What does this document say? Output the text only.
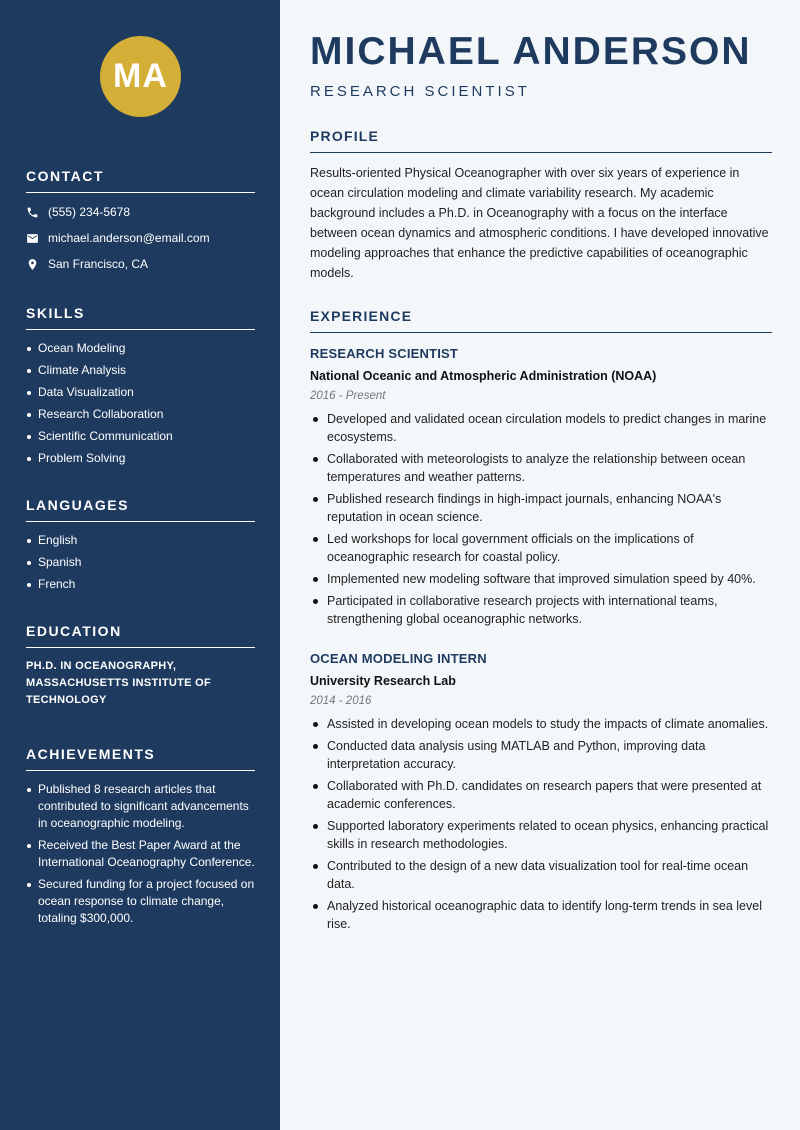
MA
CONTACT
(555) 234-5678
michael.anderson@email.com
San Francisco, CA
SKILLS
Ocean Modeling
Climate Analysis
Data Visualization
Research Collaboration
Scientific Communication
Problem Solving
LANGUAGES
English
Spanish
French
EDUCATION
PH.D. IN OCEANOGRAPHY, MASSACHUSETTS INSTITUTE OF TECHNOLOGY
ACHIEVEMENTS
Published 8 research articles that contributed to significant advancements in oceanographic modeling.
Received the Best Paper Award at the International Oceanography Conference.
Secured funding for a project focused on ocean response to climate change, totaling $300,000.
MICHAEL ANDERSON
RESEARCH SCIENTIST
PROFILE

Results-oriented Physical Oceanographer with over six years of experience in ocean circulation modeling and climate variability research. My academic background includes a Ph.D. in Oceanography with a focus on the interface between ocean dynamics and atmospheric conditions. I have developed innovative modeling approaches that enhance the predictive capabilities of oceanographic models.

EXPERIENCE
RESEARCH SCIENTIST
National Oceanic and Atmospheric Administration (NOAA)
2016 - Present
Developed and validated ocean circulation models to predict changes in marine ecosystems.
Collaborated with meteorologists to analyze the relationship between ocean temperatures and weather patterns.
Published research findings in high-impact journals, enhancing NOAA's reputation in ocean science.
Led workshops for local government officials on the implications of oceanographic research for coastal policy.
Implemented new modeling software that improved simulation speed by 40%.
Participated in collaborative research projects with international teams, strengthening global oceanographic networks.
OCEAN MODELING INTERN
University Research Lab
2014 - 2016
Assisted in developing ocean models to study the impacts of climate anomalies.
Conducted data analysis using MATLAB and Python, improving data interpretation accuracy.
Collaborated with Ph.D. candidates on research papers that were presented at academic conferences.
Supported laboratory experiments related to ocean physics, enhancing practical skills in research methodologies.
Contributed to the design of a new data visualization tool for real-time ocean data.
Analyzed historical oceanographic data to identify long-term trends in sea level rise.
